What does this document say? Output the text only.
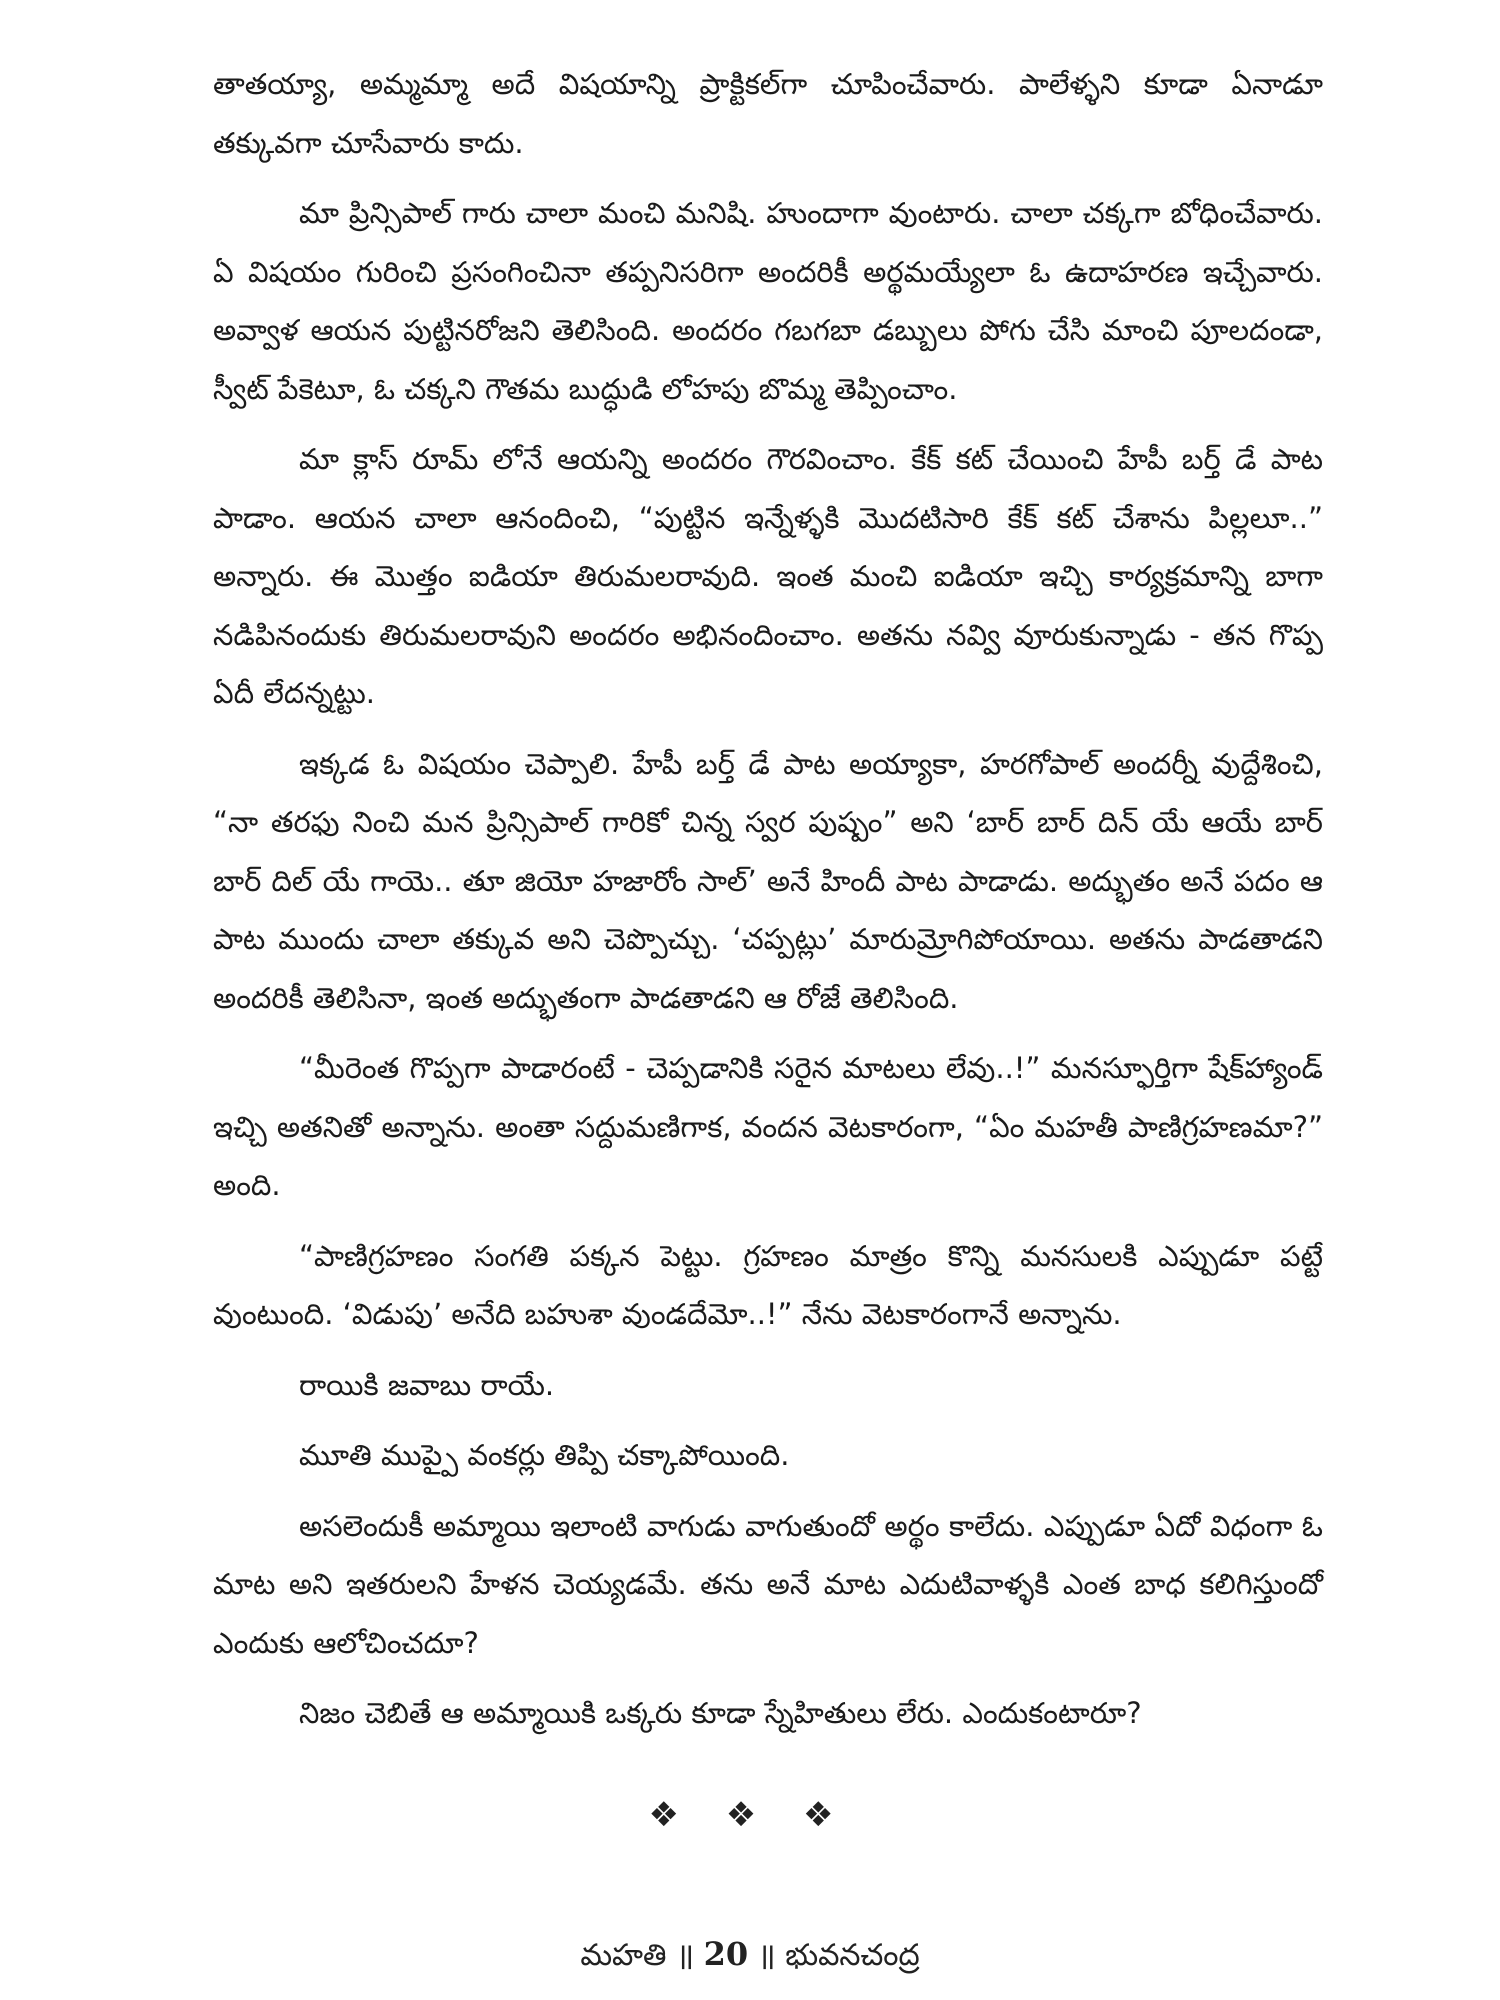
తాతయ్యా, అమ్మమ్మా అదే విషయాన్ని ప్రాక్టికల్‌గా చూపించేవారు. పాలేళ్ళని కూడా ఏనాడూ తక్కువగా చూసేవారు కాదు.

మా ప్రిన్సిపాల్ గారు చాలా మంచి మనిషి. హుందాగా వుంటారు. చాలా చక్కగా బోధించేవారు. ఏ విషయం గురించి ప్రసంగించినా తప్పనిసరిగా అందరికీ అర్థమయ్యేలా ఓ ఉదాహరణ ఇచ్చేవారు. అవ్వాళ ఆయన పుట్టినరోజని తెలిసింది. అందరం గబగబా డబ్బులు పోగు చేసి మాంచి పూలదండా, స్వీట్ పేకెటూ, ఓ చక్కని గౌతమ బుద్ధుడి లోహపు బొమ్మ తెప్పించాం.

మా క్లాస్ రూమ్ లోనే ఆయన్ని అందరం గౌరవించాం. కేక్ కట్ చేయించి హేపీ బర్త్ డే పాట పాడాం. ఆయన చాలా ఆనందించి, “పుట్టిన ఇన్నేళ్ళకి మొదటిసారి కేక్ కట్ చేశాను పిల్లలూ..” అన్నారు. ఈ మొత్తం ఐడియా తిరుమలరావుది. ఇంత మంచి ఐడియా ఇచ్చి కార్యక్రమాన్ని బాగా నడిపినందుకు తిరుమలరావుని అందరం అభినందించాం. అతను నవ్వి వూరుకున్నాడు - తన గొప్ప ఏదీ లేదన్నట్టు.

ఇక్కడ ఓ విషయం చెప్పాలి. హేపీ బర్త్ డే పాట అయ్యాకా, హరగోపాల్ అందర్నీ వుద్దేశించి, “నా తరఫు నించి మన ప్రిన్సిపాల్ గారికో చిన్న స్వర పుష్పం” అని ‘బార్ బార్ దిన్ యే ఆయే బార్ బార్ దిల్ యే గాయె.. తూ జియో హజారోం సాల్’ అనే హిందీ పాట పాడాడు. అద్భుతం అనే పదం ఆ పాట ముందు చాలా తక్కువ అని చెప్పొచ్చు. ‘చప్పట్లు’ మారుమ్రోగిపోయాయి. అతను పాడతాడని అందరికీ తెలిసినా, ఇంత అద్భుతంగా పాడతాడని ఆ రోజే తెలిసింది.

“మీరెంత గొప్పగా పాడారంటే - చెప్పడానికి సరైన మాటలు లేవు..!” మనస్ఫూర్తిగా షేక్‌హ్యాండ్ ఇచ్చి అతనితో అన్నాను. అంతా సద్దుమణిగాక, వందన వెటకారంగా, “ఏం మహతీ పాణిగ్రహణమా?” అంది.

“పాణిగ్రహణం సంగతి పక్కన పెట్టు. గ్రహణం మాత్రం కొన్ని మనసులకి ఎప్పుడూ పట్టే వుంటుంది. ‘విడుపు’ అనేది బహుశా వుండదేమో..!” నేను వెటకారంగానే అన్నాను.

రాయికి జవాబు రాయే.

మూతి ముప్పై వంకర్లు తిప్పి చక్కాపోయింది.

అసలెందుకీ అమ్మాయి ఇలాంటి వాగుడు వాగుతుందో అర్థం కాలేదు. ఎప్పుడూ ఏదో విధంగా ఓ మాట అని ఇతరులని హేళన చెయ్యడమే. తను అనే మాట ఎదుటివాళ్ళకి ఎంత బాధ కలిగిస్తుందో ఎందుకు ఆలోచించదూ?

నిజం చెబితే ఆ అమ్మాయికి ఒక్కరు కూడా స్నేహితులు లేరు. ఎందుకంటారూ?

❖ ❖ ❖
మహతి ॥ 20 ॥ భువనచంద్ర
